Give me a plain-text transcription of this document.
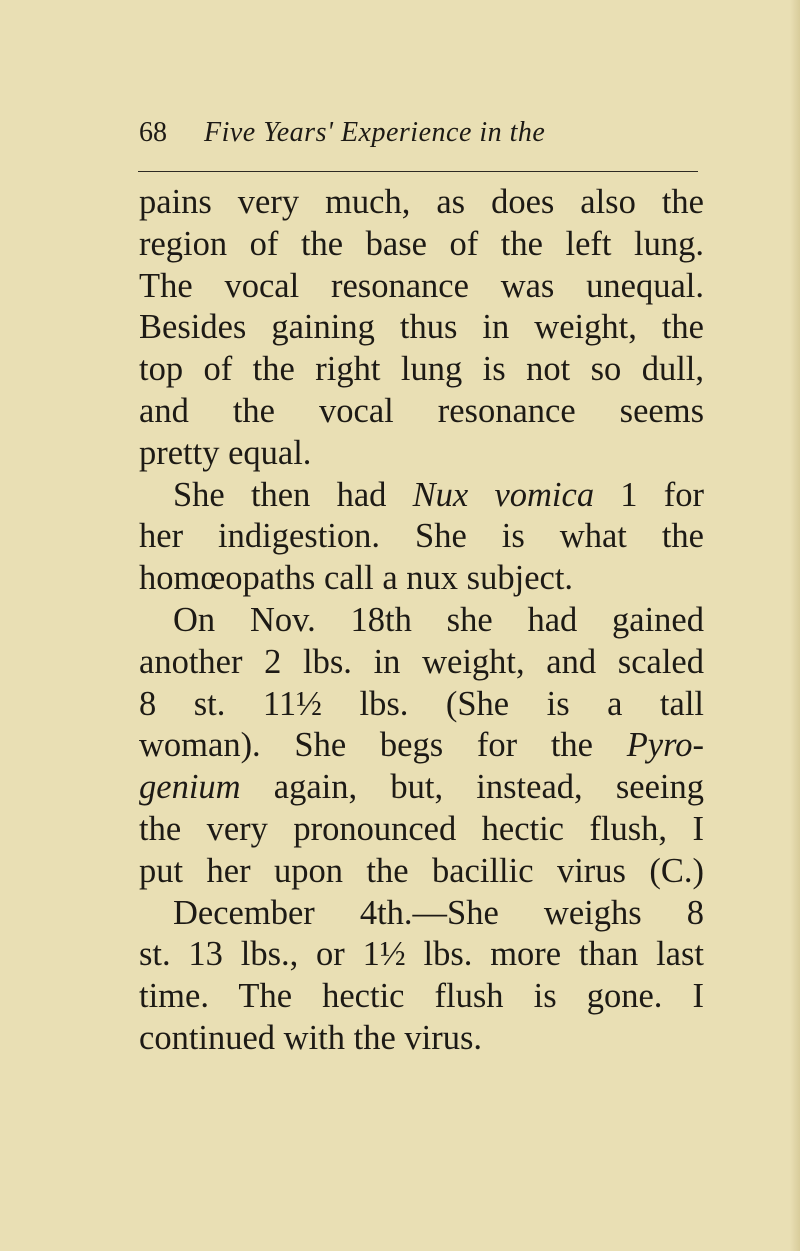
68 Five Years' Experience in the
pains very much, as does also the
region of the base of the left lung.
The vocal resonance was unequal.
Besides gaining thus in weight, the
top of the right lung is not so dull,
and the vocal resonance seems
pretty equal.
She then had Nux vomica 1 for
her indigestion. She is what the
homœopaths call a nux subject.
On Nov. 18th she had gained
another 2 lbs. in weight, and scaled
8 st. 11½ lbs. (She is a tall
woman). She begs for the Pyro-
genium again, but, instead, seeing
the very pronounced hectic flush, I
put her upon the bacillic virus (C.)
December 4th.—She weighs 8
st. 13 lbs., or 1½ lbs. more than last
time. The hectic flush is gone. I
continued with the virus.
